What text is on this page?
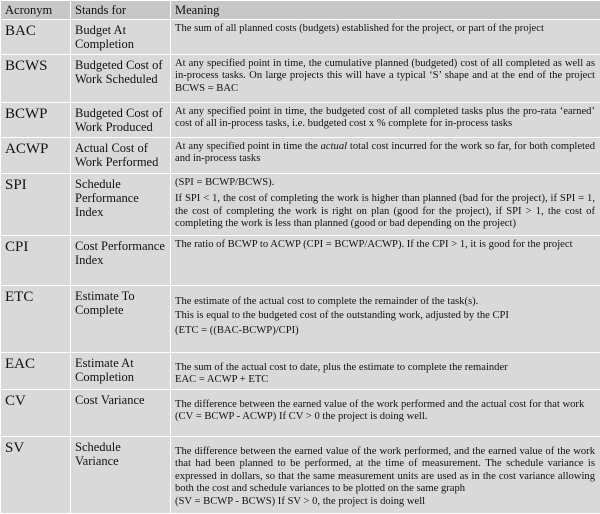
Acronym	Stands for	Meaning
BAC	Budget At Completion	The sum of all planned costs (budgets) established for the project, or part of the project

BCWS	Budgeted Cost of Work Scheduled	At any specified point in time, the cumulative planned (budgeted) cost of all completed as well as in-process tasks. On large projects this will have a typical ‘S’ shape and at the end of the project BCWS = BAC

BCWP	Budgeted Cost of Work Produced	At any specified point in time, the budgeted cost of all completed tasks plus the pro-rata ‘earned’ cost of all in-process tasks, i.e. budgeted cost x % complete for in-process tasks

ACWP	Actual Cost of Work Performed	At any specified point in time the actual total cost incurred for the work so far, for both completed and in-process tasks

SPI	Schedule Performance Index	(SPI = BCWP/BCWS).

If SPI < 1, the cost of completing the work is higher than planned (bad for the project), if SPI = 1, the cost of completing the work is right on plan (good for the project), if SPI > 1, the cost of completing the work is less than planned (good or bad depending on the project)

CPI	Cost Performance Index	The ratio of BCWP to ACWP (CPI = BCWP/ACWP). If the CPI > 1, it is good for the project

ETC	Estimate To Complete	The estimate of the actual cost to complete the remainder of the task(s).

This is equal to the budgeted cost of the outstanding work, adjusted by the CPI

(ETC = ((BAC-BCWP)/CPI)

EAC	Estimate At Completion	The sum of the actual cost to date, plus the estimate to complete the remainder

EAC = ACWP + ETC

CV	Cost Variance	The difference between the earned value of the work performed and the actual cost for that work

(CV = BCWP - ACWP) If CV > 0 the project is doing well.

SV	Schedule Variance	The difference between the earned value of the work performed, and the earned value of the work that had been planned to be performed, at the time of measurement. The schedule variance is expressed in dollars, so that the same measurement units are used as in the cost variance allowing both the cost and schedule variances to be plotted on the same graph

(SV = BCWP - BCWS) If SV > 0, the project is doing well
